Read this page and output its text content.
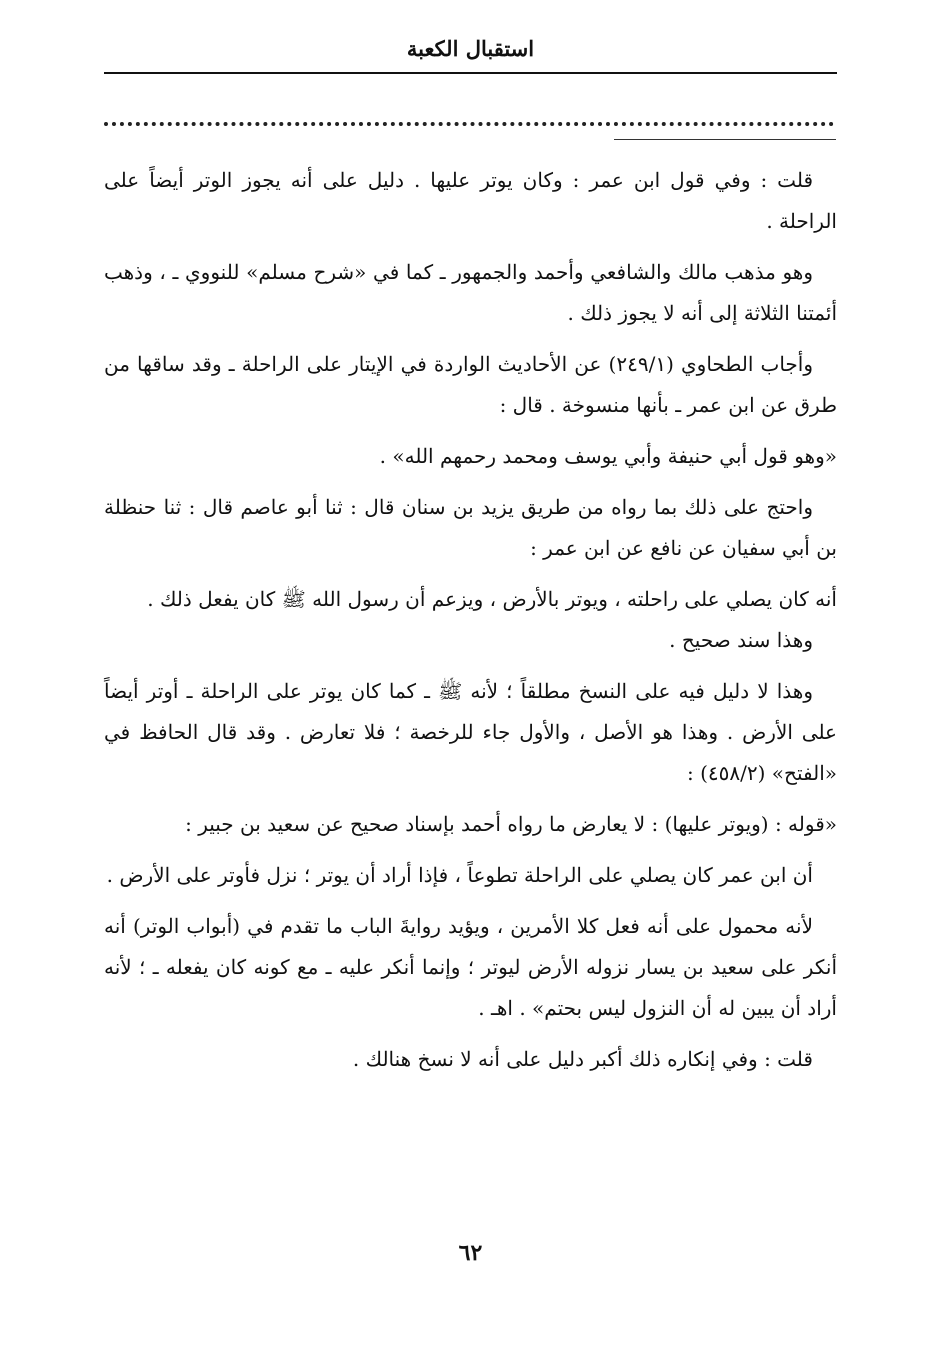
استقبال الكعبة

قلت : وفي قول ابن عمر : وكان يوتر عليها . دليل على أنه يجوز الوتر أيضاً على الراحلة .

وهو مذهب مالك والشافعي وأحمد والجمهور ـ كما في «شرح مسلم» للنووي ـ ، وذهب أئمتنا الثلاثة إلى أنه لا يجوز ذلك .

وأجاب الطحاوي (٢٤٩/١) عن الأحاديث الواردة في الإيتار على الراحلة ـ وقد ساقها من طرق عن ابن عمر ـ بأنها منسوخة . قال :

«وهو قول أبي حنيفة وأبي يوسف ومحمد رحمهم الله» .

واحتج على ذلك بما رواه من طريق يزيد بن سنان قال : ثنا أبو عاصم قال : ثنا حنظلة بن أبي سفيان عن نافع عن ابن عمر :

أنه كان يصلي على راحلته ، ويوتر بالأرض ، ويزعم أن رسول الله ﷺ كان يفعل ذلك .

وهذا سند صحيح .

وهذا لا دليل فيه على النسخ مطلقاً ؛ لأنه ﷺ ـ كما كان يوتر على الراحلة ـ أوتر أيضاً على الأرض . وهذا هو الأصل ، والأول جاء للرخصة ؛ فلا تعارض . وقد قال الحافظ في «الفتح» (٤٥٨/٢) :

«قوله : (ويوتر عليها) : لا يعارض ما رواه أحمد بإسناد صحيح عن سعيد بن جبير :

أن ابن عمر كان يصلي على الراحلة تطوعاً ، فإذا أراد أن يوتر ؛ نزل فأوتر على الأرض .

لأنه محمول على أنه فعل كلا الأمرين ، ويؤيد روايةَ الباب ما تقدم في (أبواب الوتر) أنه أنكر على سعيد بن يسار نزوله الأرض ليوتر ؛ وإنما أنكر عليه ـ مع كونه كان يفعله ـ ؛ لأنه أراد أن يبين له أن النزول ليس بحتم» . اهـ .

قلت : وفي إنكاره ذلك أكبر دليل على أنه لا نسخ هنالك .

٦٢
